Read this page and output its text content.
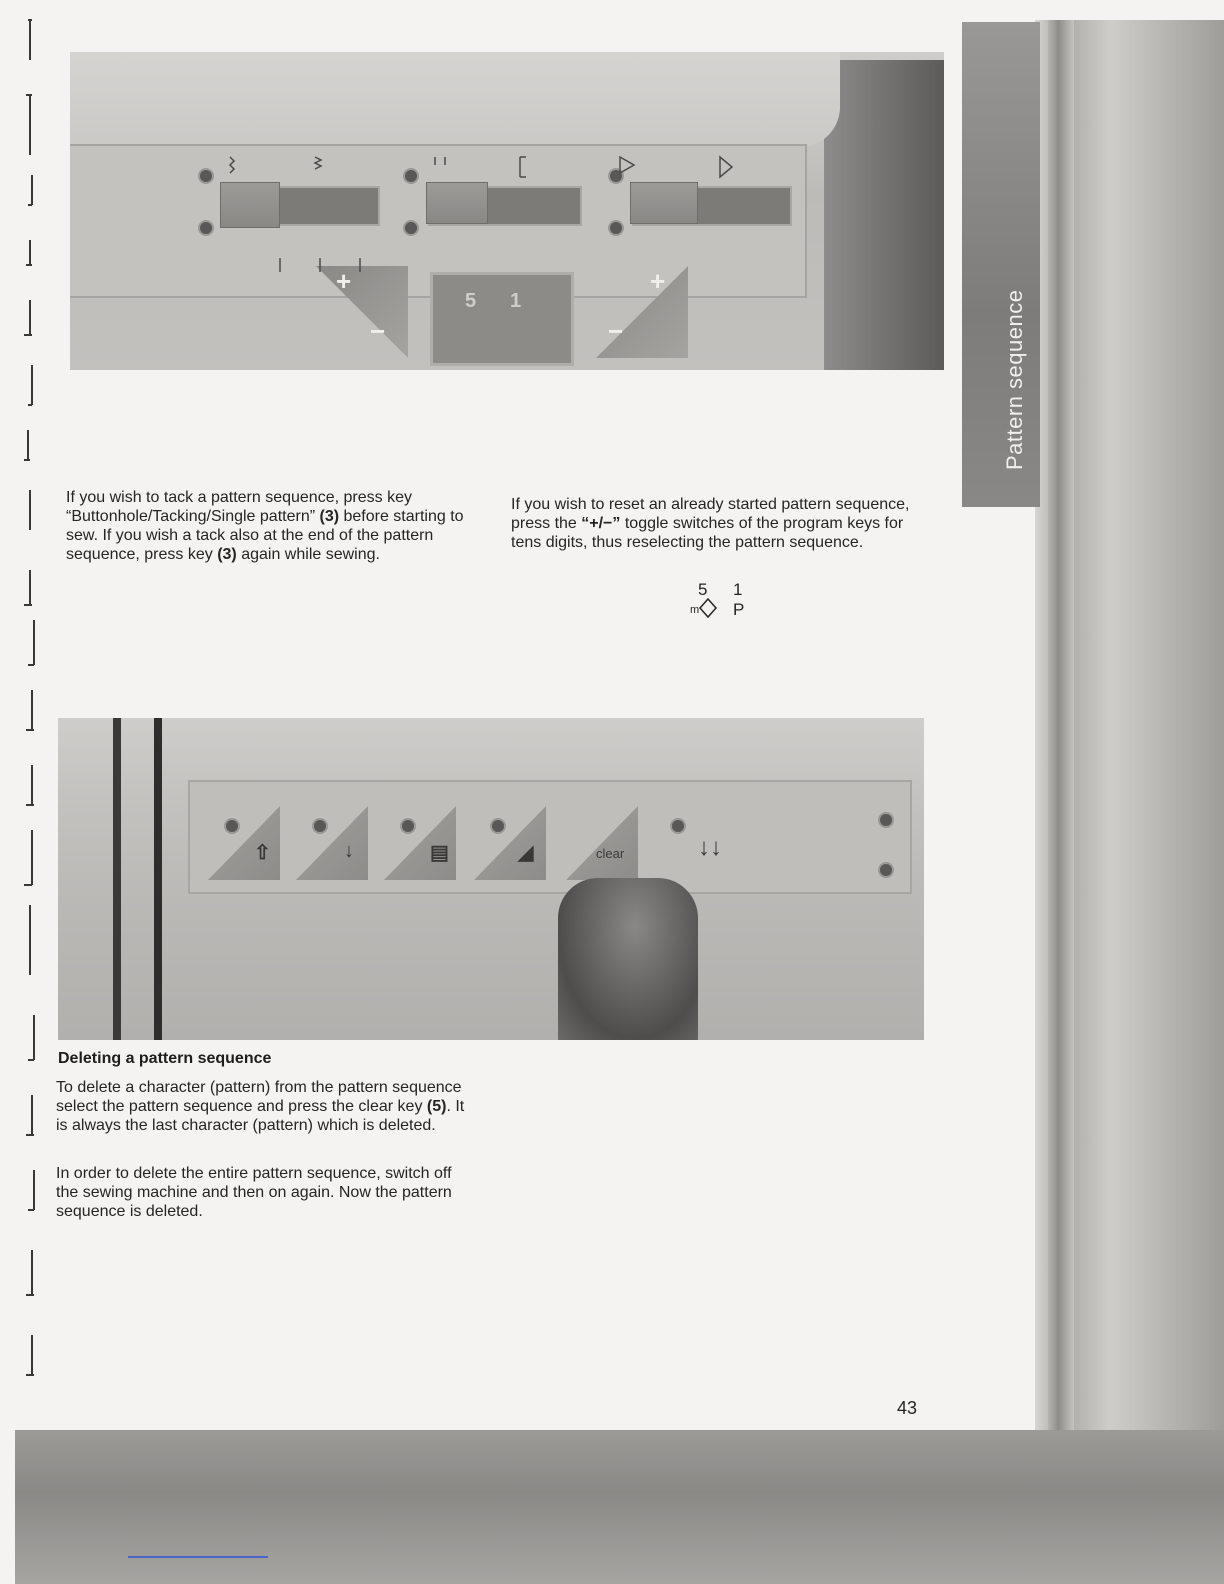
Pattern sequence
+
−
5 1
+
−

If you wish to tack a pattern sequence, press key “Buttonhole/Tacking/Single pattern” (3) before starting to sew. If you wish a tack also at the end of the pattern sequence, press key (3) again while sewing.

If you wish to reset an already started pattern sequence, press the “+/−” toggle switches of the program keys for tens digits, thus reselecting the pattern sequence.

5 1
m P
⇧	↓	▤	◢	clear	↓↓
Deleting a pattern sequence

To delete a character (pattern) from the pattern sequence select the pattern sequence and press the clear key (5). It is always the last character (pattern) which is deleted.

In order to delete the entire pattern sequence, switch off the sewing machine and then on again. Now the pattern sequence is deleted.

43
